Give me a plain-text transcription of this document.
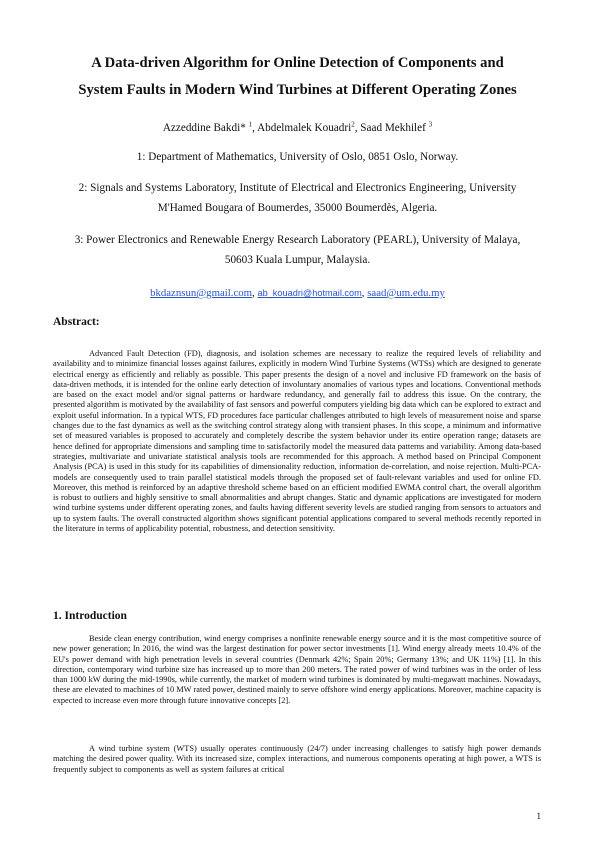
A Data-driven Algorithm for Online Detection of Components and
System Faults in Modern Wind Turbines at Different Operating Zones
Azzeddine Bakdi* $^1$, Abdelmalek Kouadri$^2$, Saad Mekhilef $^3$
1: Department of Mathematics, University of Oslo, 0851 Oslo, Norway.
2: Signals and Systems Laboratory, Institute of Electrical and Electronics Engineering, University
M'Hamed Bougara of Boumerdes, 35000 Boumerdès, Algeria.
3: Power Electronics and Renewable Energy Research Laboratory (PEARL), University of Malaya,
50603 Kuala Lumpur, Malaysia.
bkdaznsun@gmail.com, ab_kouadri@hotmail.com, saad@um.edu.my
Abstract:

Advanced Fault Detection (FD), diagnosis, and isolation schemes are necessary to realize the required levels of reliability and availability and to minimize financial losses against failures, explicitly in modern Wind Turbine Systems (WTSs) which are designed to generate electrical energy as efficiently and reliably as possible. This paper presents the design of a novel and inclusive FD framework on the basis of data-driven methods, it is intended for the online early detection of involuntary anomalies of various types and locations. Conventional methods are based on the exact model and/or signal patterns or hardware redundancy, and generally fail to address this issue. On the contrary, the presented algorithm is motivated by the availability of fast sensors and powerful computers yielding big data which can be explored to extract and exploit useful information. In a typical WTS, FD procedures face particular challenges attributed to high levels of measurement noise and sparse changes due to the fast dynamics as well as the switching control strategy along with transient phases. In this scope, a minimum and informative set of measured variables is proposed to accurately and completely describe the system behavior under its entire operation range; datasets are hence defined for appropriate dimensions and sampling time to satisfactorily model the measured data patterns and variability. Among data-based strategies, multivariate and univariate statistical analysis tools are recommended for this approach. A method based on Principal Component Analysis (PCA) is used in this study for its capabilities of dimensionality reduction, information de-correlation, and noise rejection. Multi-PCA-models are consequently used to train parallel statistical models through the proposed set of fault-relevant variables and used for online FD. Moreover, this method is reinforced by an adaptive threshold scheme based on an efficient modified EWMA control chart, the overall algorithm is robust to outliers and highly sensitive to small abnormalities and abrupt changes. Static and dynamic applications are investigated for modern wind turbine systems under different operating zones, and faults having different severity levels are studied ranging from sensors to actuators and up to system faults. The overall constructed algorithm shows significant potential applications compared to several methods recently reported in the literature in terms of applicability potential, robustness, and detection sensitivity.

1. Introduction

Beside clean energy contribution, wind energy comprises a nonfinite renewable energy source and it is the most competitive source of new power generation; In 2016, the wind was the largest destination for power sector investments [1]. Wind energy already meets 10.4% of the EU's power demand with high penetration levels in several countries (Denmark 42%; Spain 20%; Germany 13%; and UK 11%) [1]. In this direction, contemporary wind turbine size has increased up to more than 200 meters. The rated power of wind turbines was in the order of less than 1000 kW during the mid-1990s, while currently, the market of modern wind turbines is dominated by multi-megawatt machines. Nowadays, these are elevated to machines of 10 MW rated power, destined mainly to serve offshore wind energy applications. Moreover, machine capacity is expected to increase even more through future innovative concepts [2].

A wind turbine system (WTS) usually operates continuously (24/7) under increasing challenges to satisfy high power demands matching the desired power quality. With its increased size, complex interactions, and numerous components operating at high power, a WTS is frequently subject to components as well as system failures at critical

1
